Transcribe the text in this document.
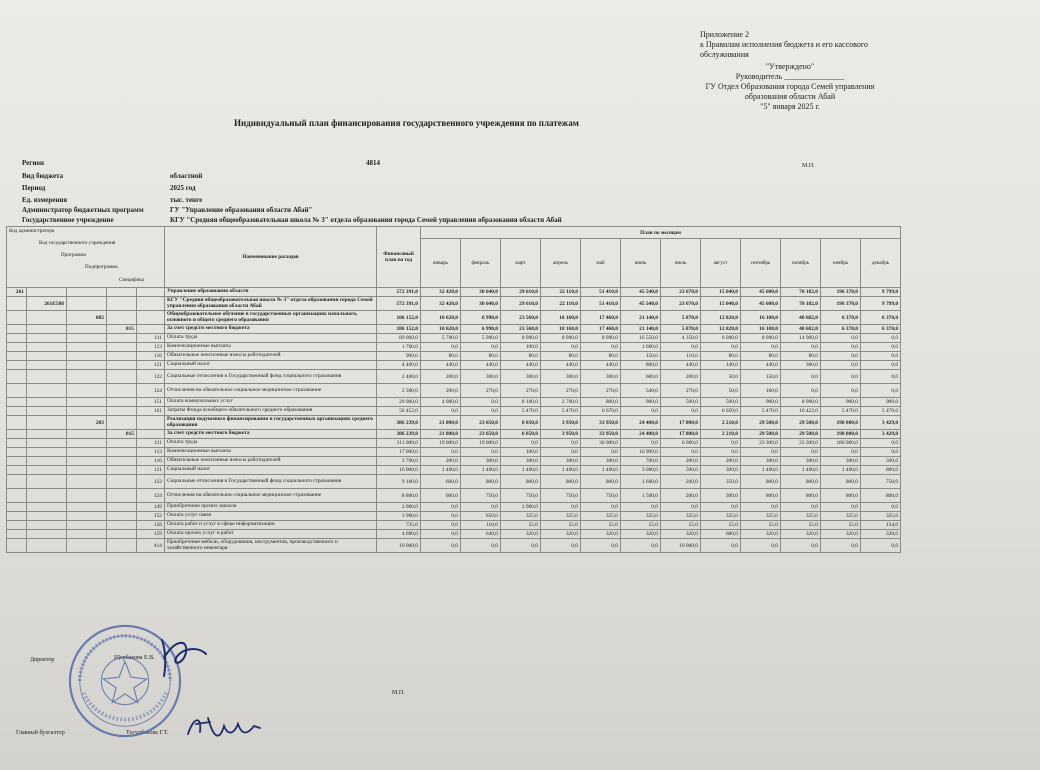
Приложение 2
к Правилам исполнения бюджета и его кассового
обслуживания
"Утверждено"
Руководитель _______________
ГУ Отдел Образования города Семей управления
образования области Абай
"5" января 2025 г.
Индивидуальный план финансирования государственного учреждения по платежам
Регион	4814
Вид бюджета	областной
Период	2025 год
Ед. измерения	тыс. тенге
Администратор бюджетных программ	ГУ "Управление образования области Абай"
Государственное учреждение	КГУ "Средняя общеобразовательная школа № 3" отдела образования города Семей управления образования области Абай
М.П.
Код администратора
Код государственного учреждения
Программа
Подпрограмма
Специфика					Наименование расходов	Финансовый план на год	План по месяцам											
							январь	февраль	март	апрель	май	июнь	июль	август	сентябрь	октябрь	ноябрь	декабрь
261					Управление образования области	572 391,0	32 420,0	30 640,0	29 610,0	22 110,0	51 410,0	45 540,0	23 670,0	15 040,0	45 600,0	70 182,0	196 370,0	9 799,0
	261E508				КГУ "Средняя общеобразовательная школа № 3" отдела образования города Семей управления образования области Абай	572 391,0	32 420,0	30 640,0	29 610,0	22 110,0	51 410,0	45 540,0	23 670,0	15 040,0	45 600,0	70 182,0	196 370,0	9 799,0
		082			Общеобразовательное обучение в государственных организациях начального, основного и общего среднего образования	186 152,0	10 620,0	6 990,0	23 560,0	18 160,0	17 460,0	21 140,0	5 870,0	12 820,0	16 100,0	40 682,0	6 370,0	6 370,0
			015		За счет средств местного бюджета	186 152,0	10 620,0	6 990,0	23 560,0	18 160,0	17 460,0	21 140,0	5 870,0	12 820,0	16 100,0	40 682,0	6 370,0	6 370,0
				111	Оплата труда	89 000,0	5 700,0	5 900,0	8 900,0	8 900,0	8 900,0	16 550,0	4 350,0	6 000,0	8 900,0	14 900,0	0,0	0,0
				113	Компенсационные выплаты	1 700,0	0,0	0,0	100,0	0,0	0,0	1 600,0	0,0	0,0	0,0	0,0	0,0	0,0
				116	Обязательные пенсионные взносы работодателей	900,0	80,0	80,0	80,0	80,0	80,0	150,0	110,0	80,0	80,0	80,0	0,0	0,0
				121	Социальный налог	4 400,0	440,0	440,0	440,0	440,0	440,0	800,0	440,0	140,0	440,0	380,0	0,0	0,0
				122	Социальные отчисления в Государственный фонд социального страхования	2 400,0	200,0	300,0	300,0	300,0	300,0	600,0	200,0	50,0	150,0	0,0	0,0	0,0
				124	Отчисления на обязательное социальное медицинское страхование	2 300,0	200,0	270,0	270,0	270,0	270,0	540,0	270,0	50,0	160,0	0,0	0,0	0,0
				151	Оплата коммунальных услуг	29 000,0	4 000,0	0,0	8 100,0	2 700,0	800,0	900,0	500,0	500,0	900,0	8 900,0	900,0	900,0
				161	Затраты Фонда всеобщего обязательного среднего образования	56 452,0	0,0	0,0	5 470,0	5 470,0	6 670,0	0,0	0,0	6 050,0	5 470,0	16 422,0	5 470,0	5 470,0
		203			Реализация подушевого финансирования в государственных организациях среднего образования	386 239,0	21 800,0	23 650,0	6 050,0	3 950,0	33 950,0	24 400,0	17 800,0	2 210,0	29 500,0	29 500,0	190 000,0	3 429,0
			015		За счет средств местного бюджета	386 239,0	21 800,0	23 650,0	6 050,0	3 950,0	33 950,0	24 400,0	17 800,0	2 210,0	29 500,0	29 500,0	190 000,0	3 429,0
				111	Оплата труда	311 000,0	19 000,0	19 000,0	0,0	0,0	30 000,0	0,0	6 000,0	0,0	23 300,0	23 500,0	186 000,0	0,0
				113	Компенсационные выплаты	17 000,0	0,0	0,0	100,0	0,0	0,0	16 900,0	0,0	0,0	0,0	0,0	0,0	0,0
				116	Обязательные пенсионные взносы работодателей	3 700,0	200,0	300,0	300,0	300,0	300,0	700,0	200,0	200,0	300,0	300,0	300,0	300,0
				121	Социальный налог	16 000,0	1 400,0	1 400,0	1 400,0	1 400,0	1 400,0	3 000,0	500,0	300,0	1 400,0	1 400,0	1 400,0	800,0
				122	Социальные отчисления в Государственный фонд социального страхования	9 100,0	600,0	800,0	800,0	800,0	800,0	1 600,0	200,0	350,0	800,0	800,0	800,0	750,0
				124	Отчисления на обязательное социальное медицинское страхование	8 800,0	600,0	750,0	750,0	750,0	750,0	1 500,0	200,0	300,0	800,0	800,0	800,0	800,0
				149	Приобретение прочих запасов	2 000,0	0,0	0,0	2 000,0	0,0	0,0	0,0	0,0	0,0	0,0	0,0	0,0	0,0
				152	Оплата услуг связи	3 900,0	0,0	650,0	325,0	325,0	325,0	325,0	325,0	325,0	325,0	325,0	325,0	325,0
				158	Оплата работ и услуг в сфере информатизации	735,0	0,0	110,0	55,0	55,0	55,0	55,0	55,0	55,0	55,0	55,0	55,0	134,0
				159	Оплата прочих услуг и работ	4 000,0	0,0	640,0	320,0	320,0	320,0	320,0	320,0	680,0	320,0	320,0	320,0	320,0
				414	Приобретение мебели, оборудования, инструментов, производственного и хозяйственного инвентаря	10 000,0	0,0	0,0	0,0	0,0	0,0	0,0	10 000,0	0,0	0,0	0,0	0,0	0,0
Директор	Щербакова Е.В.
М.П.
Главный бухгалтер	Тусупбекова Г.Т.
